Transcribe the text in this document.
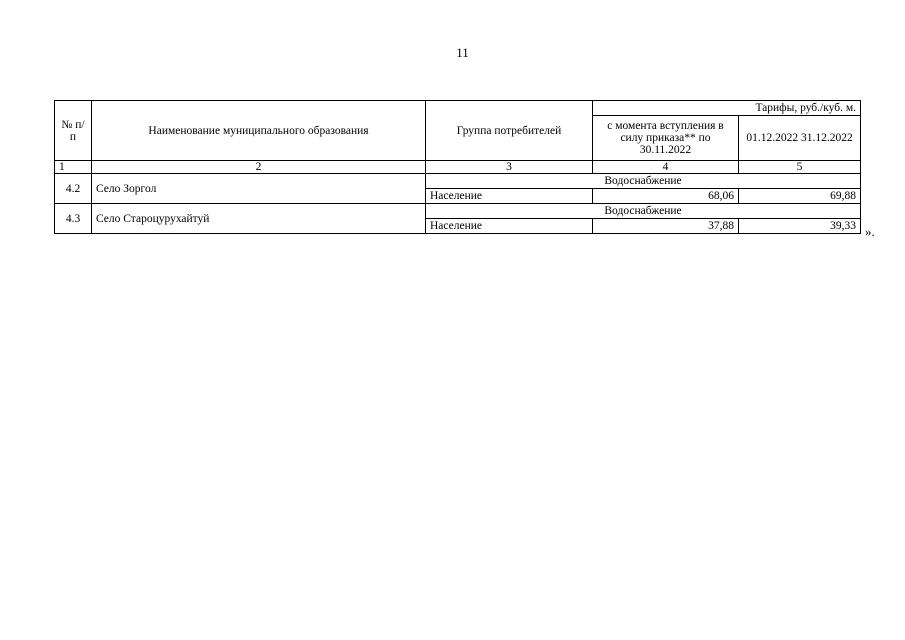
11
№ п/п	Наименование муниципального образования	Группа потребителей	Тарифы, руб./куб. м.	
			с момента вступления в силу приказа** по 30.11.2022	01.12.2022 31.12.2022
1	2	3	4	5
4.2	Село Зоргол	Водоснабжение		
		Население	68,06	69,88
4.3	Село Староцурухайтуй	Водоснабжение		
		Население	37,88	39,33 ».
